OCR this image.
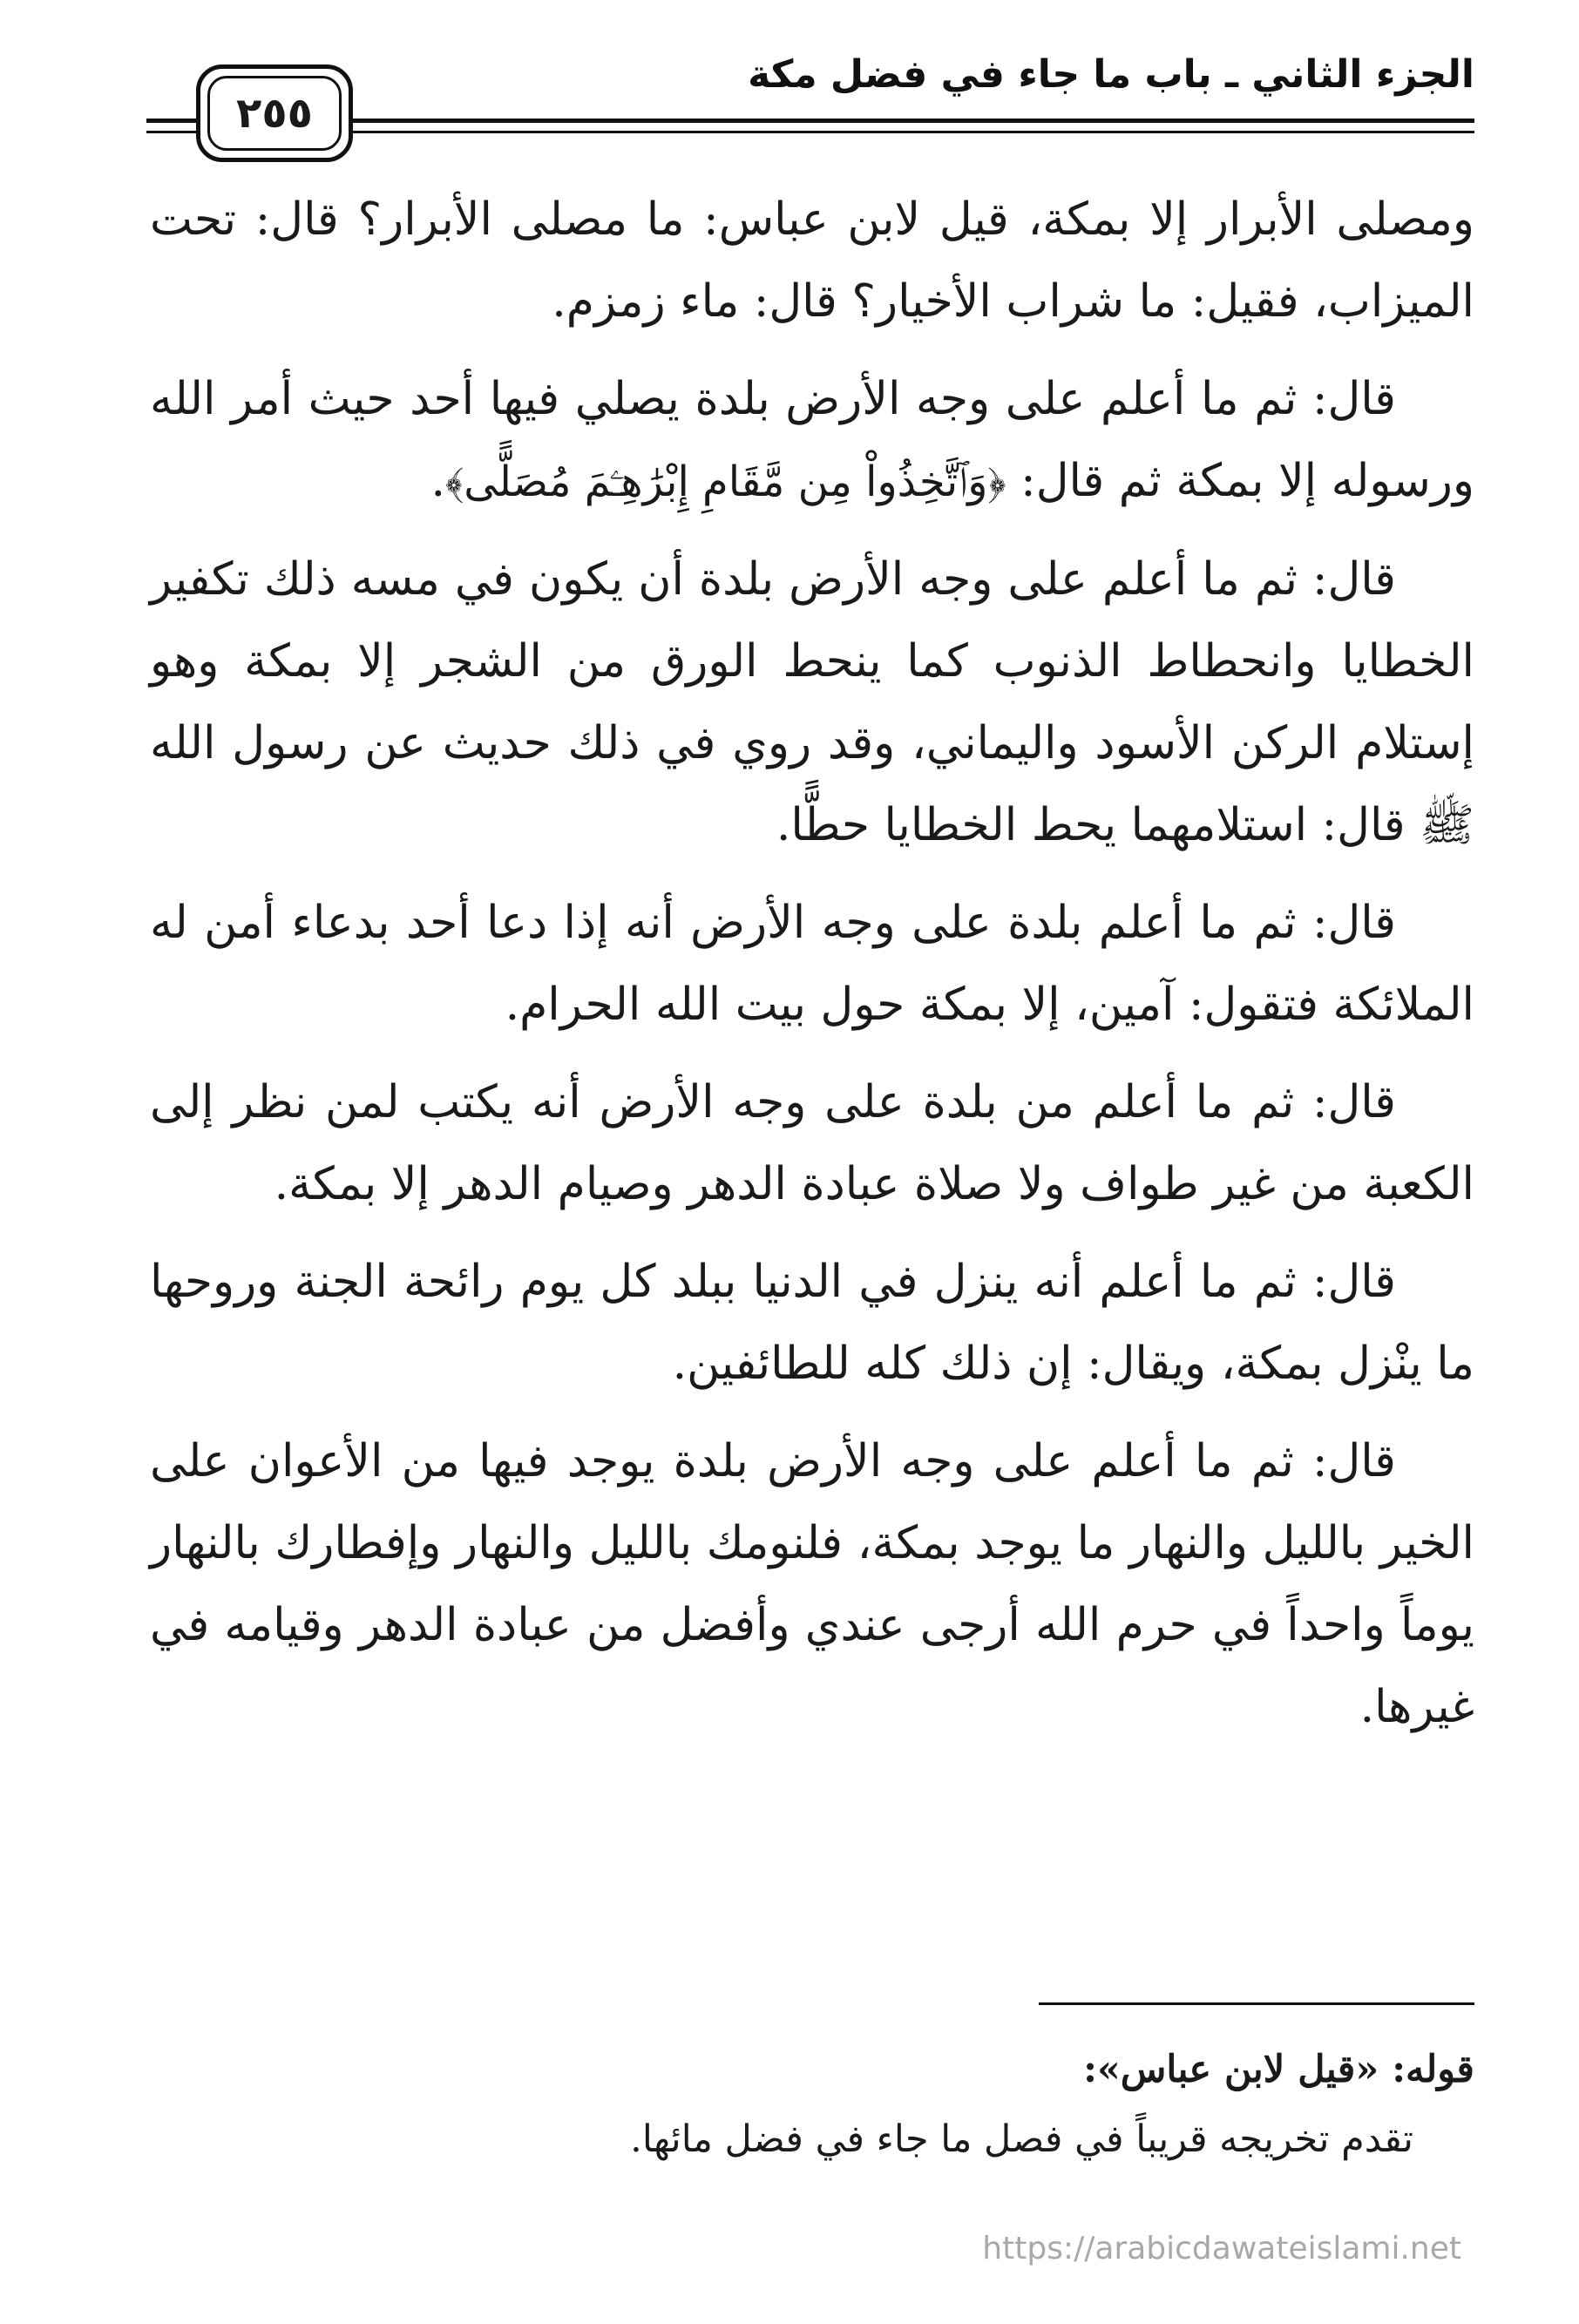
الجزء الثاني ـ باب ما جاء في فضل مكة
٢٥٥

ومصلى الأبرار إلا بمكة، قيل لابن عباس: ما مصلى الأبرار؟ قال: تحت الميزاب، فقيل: ما شراب الأخيار؟ قال: ماء زمزم.

قال: ثم ما أعلم على وجه الأرض بلدة يصلي فيها أحد حيث أمر الله ورسوله إلا بمكة ثم قال: ﴿وَٱتَّخِذُواْ مِن مَّقَامِ إِبْرَٰهِـۧمَ مُصَلًّى﴾.

قال: ثم ما أعلم على وجه الأرض بلدة أن يكون في مسه ذلك تكفير الخطايا وانحطاط الذنوب كما ينحط الورق من الشجر إلا بمكة وهو إستلام الركن الأسود واليماني، وقد روي في ذلك حديث عن رسول الله ﷺ قال: استلامهما يحط الخطايا حطًّا.

قال: ثم ما أعلم بلدة على وجه الأرض أنه إذا دعا أحد بدعاء أمن له الملائكة فتقول: آمين، إلا بمكة حول بيت الله الحرام.

قال: ثم ما أعلم من بلدة على وجه الأرض أنه يكتب لمن نظر إلى الكعبة من غير طواف ولا صلاة عبادة الدهر وصيام الدهر إلا بمكة.

قال: ثم ما أعلم أنه ينزل في الدنيا ببلد كل يوم رائحة الجنة وروحها ما ينْزل بمكة، ويقال: إن ذلك كله للطائفين.

قال: ثم ما أعلم على وجه الأرض بلدة يوجد فيها من الأعوان على الخير بالليل والنهار ما يوجد بمكة، فلنومك بالليل والنهار وإفطارك بالنهار يوماً واحداً في حرم الله أرجى عندي وأفضل من عبادة الدهر وقيامه في غيرها.

قوله: «قيل لابن عباس»:
تقدم تخريجه قريباً في فصل ما جاء في فضل مائها.
https://arabicdawateislami.net
